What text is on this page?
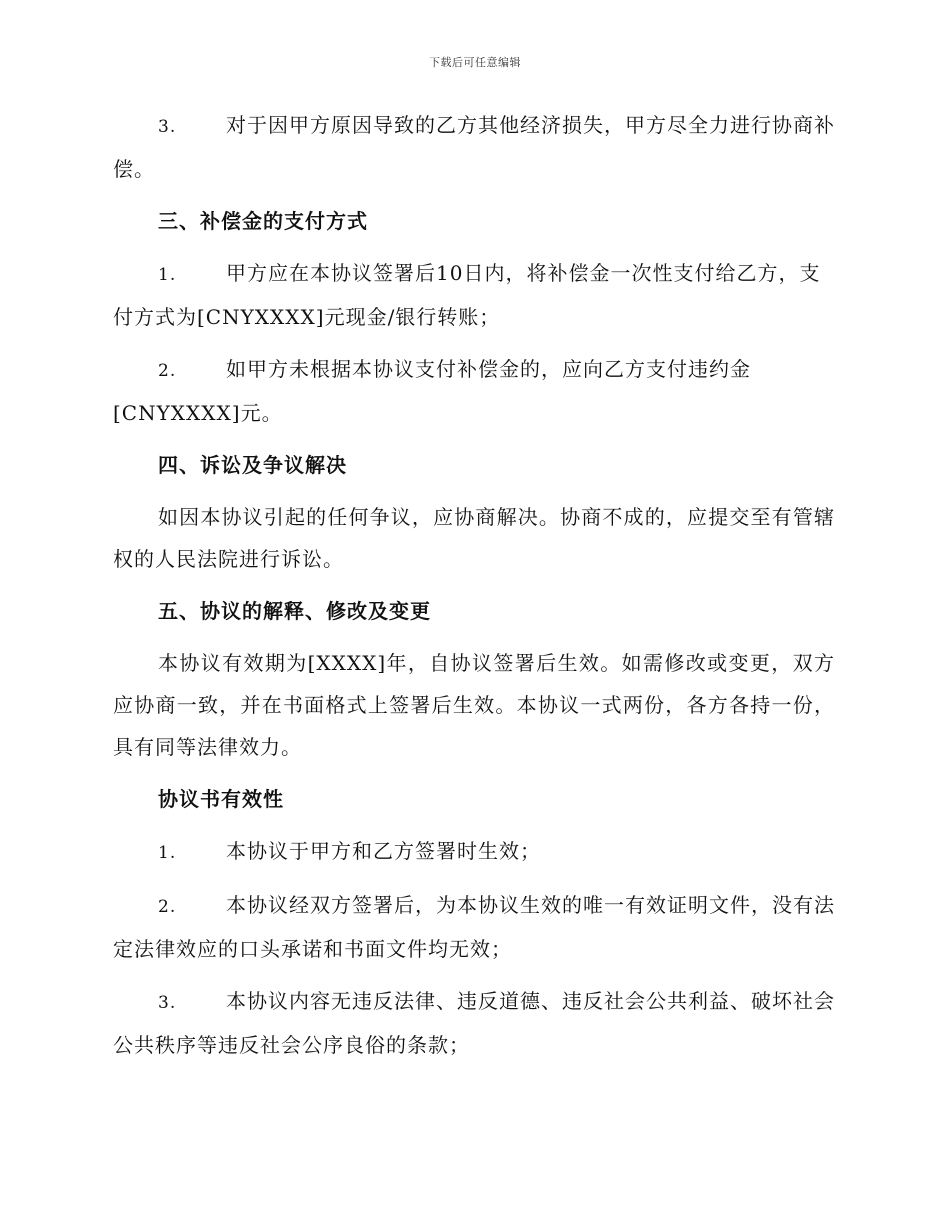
下载后可任意编辑

3. 对于因甲方原因导致的乙方其他经济损失，甲方尽全力进行协商补偿。

三、补偿金的支付方式

1. 甲方应在本协议签署后10日内，将补偿金一次性支付给乙方，支付方式为[CNYXXXX]元现金/银行转账；

2. 如甲方未根据本协议支付补偿金的，应向乙方支付违约金[CNYXXXX]元。

四、诉讼及争议解决

如因本协议引起的任何争议，应协商解决。协商不成的，应提交至有管辖权的人民法院进行诉讼。

五、协议的解释、修改及变更

本协议有效期为[XXXX]年，自协议签署后生效。如需修改或变更，双方应协商一致，并在书面格式上签署后生效。本协议一式两份，各方各持一份，具有同等法律效力。

协议书有效性

1. 本协议于甲方和乙方签署时生效；

2. 本协议经双方签署后，为本协议生效的唯一有效证明文件，没有法定法律效应的口头承诺和书面文件均无效；

3. 本协议内容无违反法律、违反道德、违反社会公共利益、破坏社会公共秩序等违反社会公序良俗的条款；
